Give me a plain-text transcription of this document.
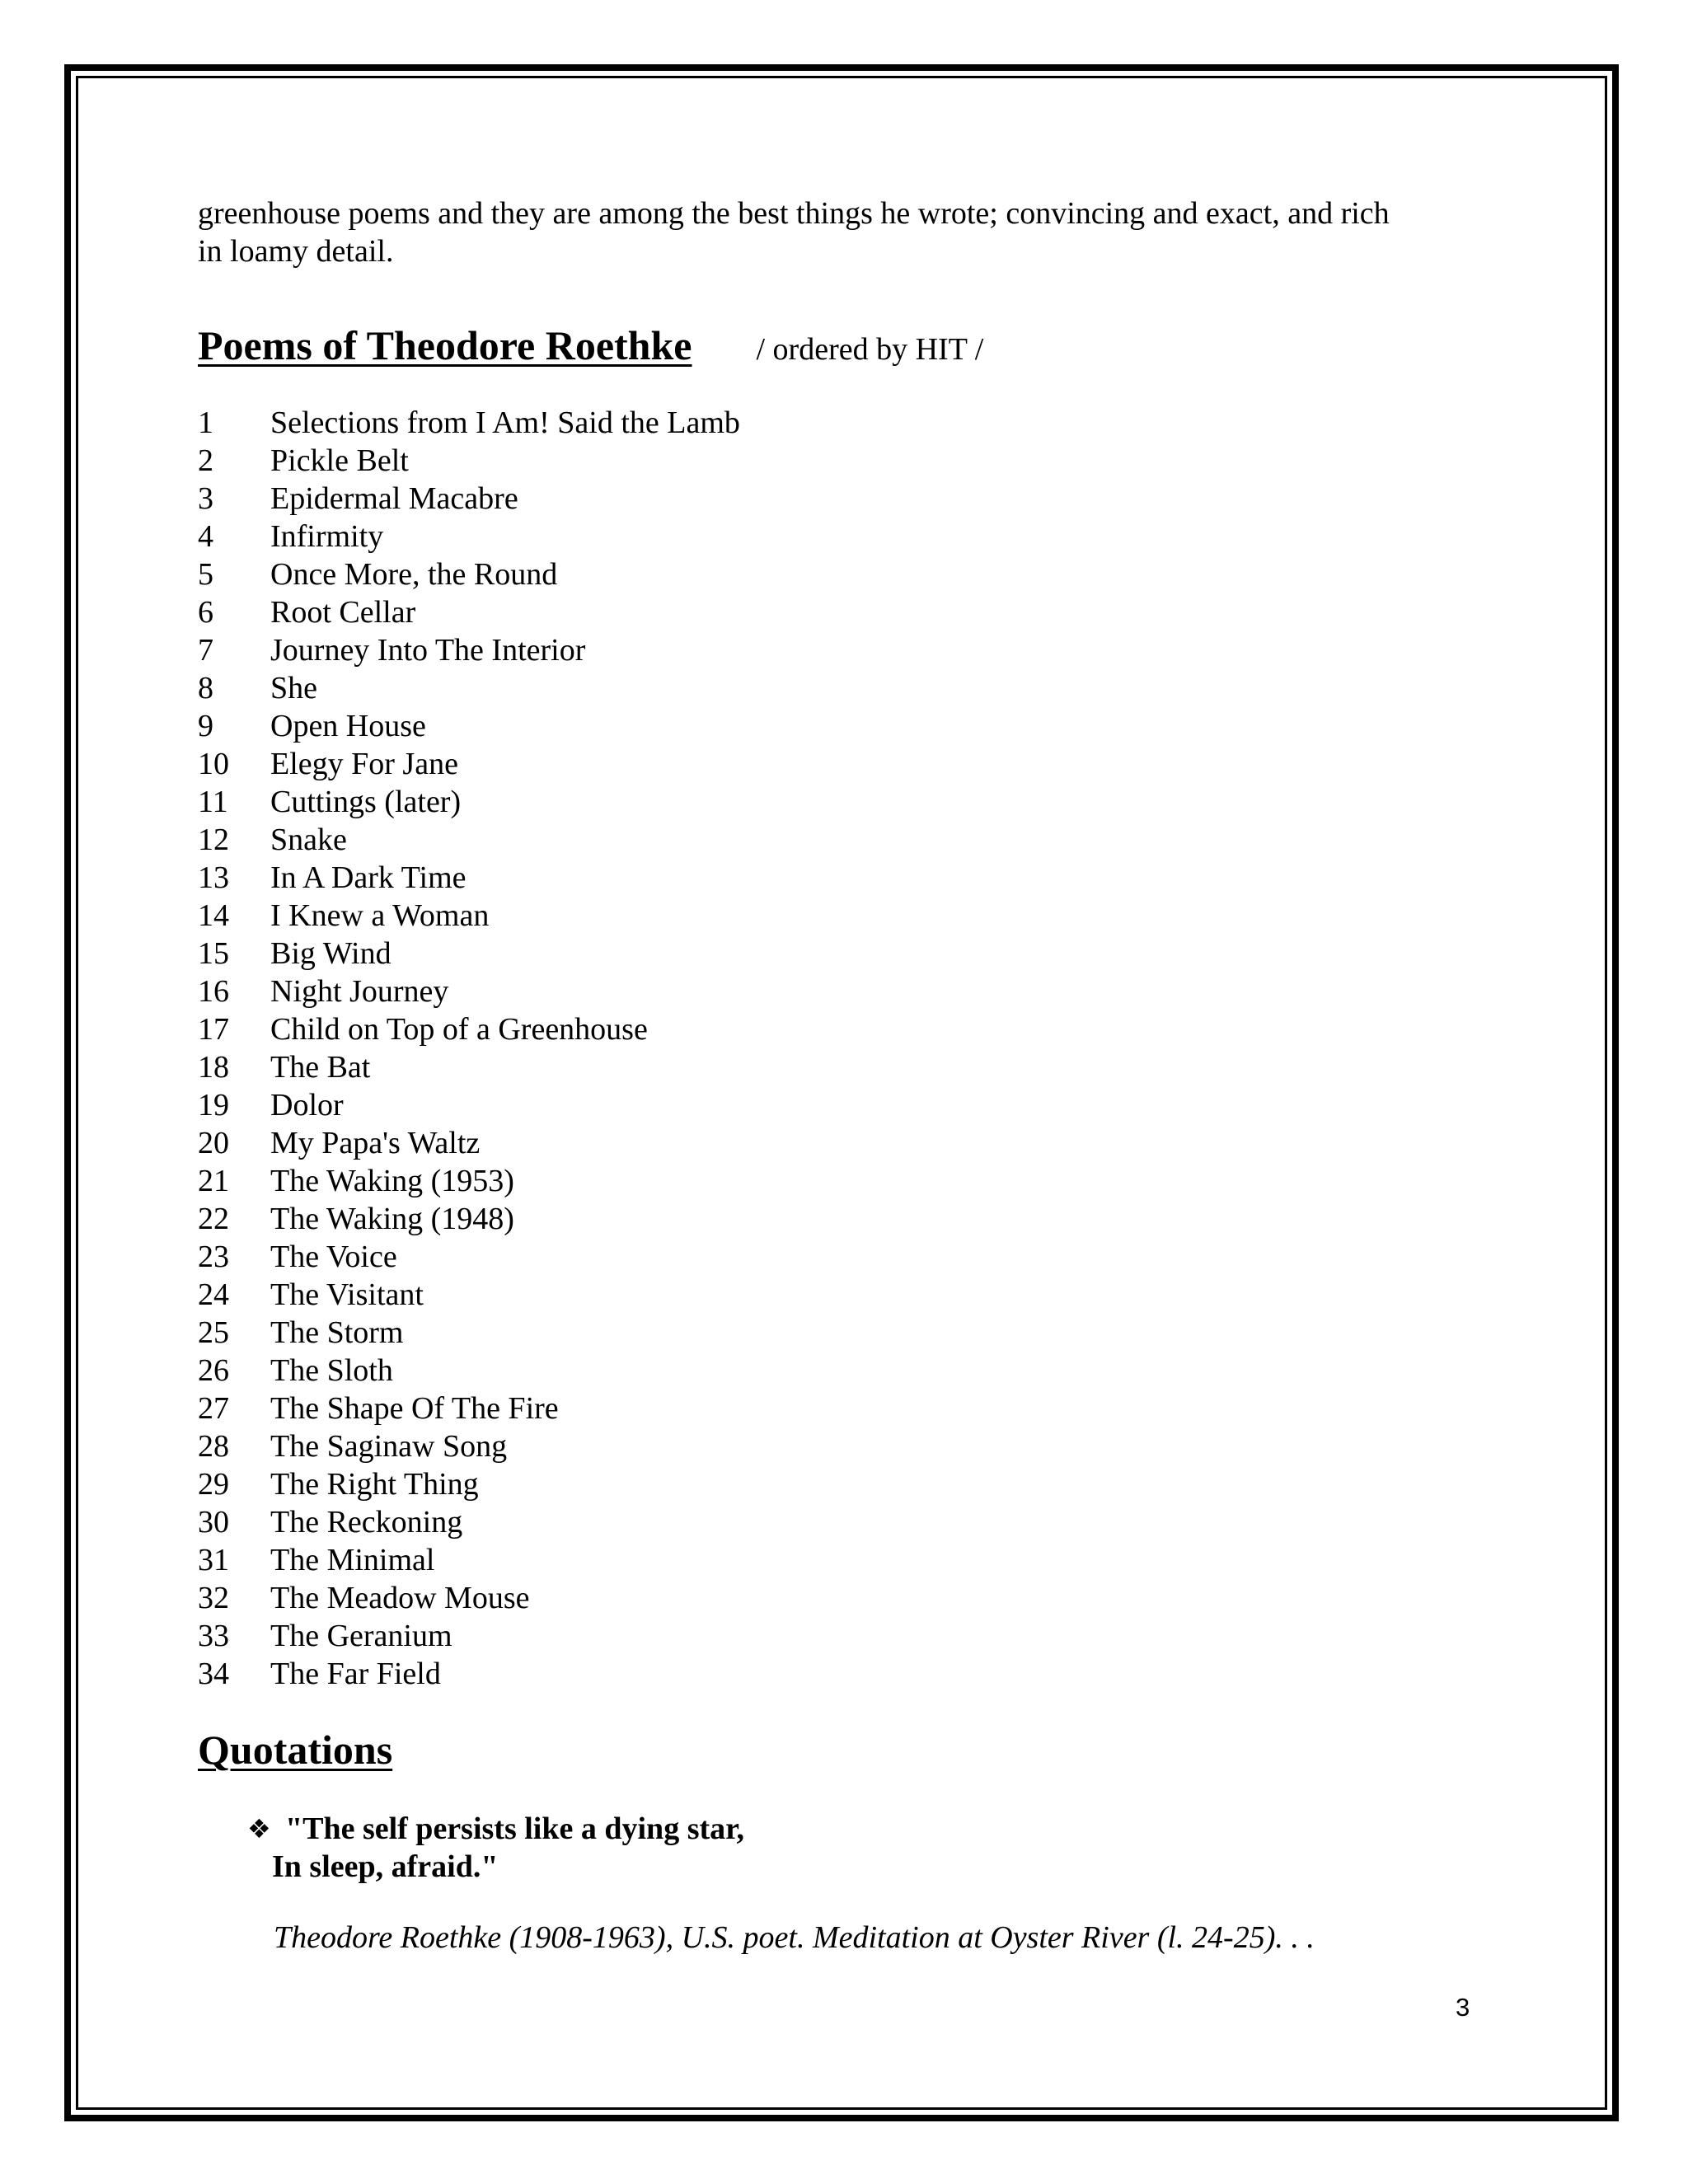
greenhouse poems and they are among the best things he wrote; convincing and exact, and rich
in loamy detail.

Poems of Theodore Roethke / ordered by HIT /
1	Selections from I Am! Said the Lamb
2	Pickle Belt
3	Epidermal Macabre
4	Infirmity
5	Once More, the Round
6	Root Cellar
7	Journey Into The Interior
8	She
9	Open House
10	Elegy For Jane
11	Cuttings (later)
12	Snake
13	In A Dark Time
14	I Knew a Woman
15	Big Wind
16	Night Journey
17	Child on Top of a Greenhouse
18	The Bat
19	Dolor
20	My Papa's Waltz
21	The Waking (1953)
22	The Waking (1948)
23	The Voice
24	The Visitant
25	The Storm
26	The Sloth
27	The Shape Of The Fire
28	The Saginaw Song
29	The Right Thing
30	The Reckoning
31	The Minimal
32	The Meadow Mouse
33	The Geranium
34	The Far Field
Quotations
❖ "The self persists like a dying star,
In sleep, afraid."
Theodore Roethke (1908-1963), U.S. poet. Meditation at Oyster River (l. 24-25). . .
3
